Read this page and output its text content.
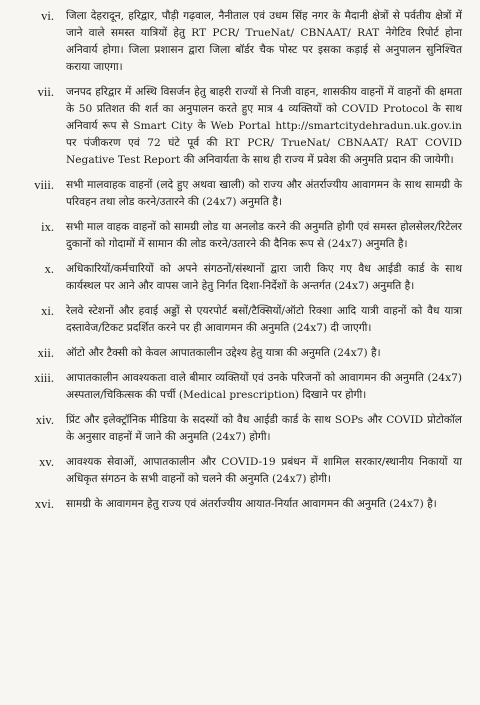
vi.	जिला देहरादून, हरिद्वार, पौड़ी गढ़वाल, नैनीताल एवं उधम सिंह नगर के मैदानी क्षेत्रों से पर्वतीय क्षेत्रों में जाने वाले समस्त यात्रियों हेतु RT PCR/ TrueNat/ CBNAAT/ RAT नेगेटिव रिपोर्ट होना अनिवार्य होगा। जिला प्रशासन द्वारा जिला बॉर्डर चैक पोस्ट पर इसका कड़ाई से अनुपालन सुनिश्चित कराया जाएगा।
vii.	जनपद हरिद्वार में अस्थि विसर्जन हेतु बाहरी राज्यों से निजी वाहन, शासकीय वाहनों में वाहनों की क्षमता के 50 प्रतिशत की शर्त का अनुपालन करते हुए मात्र 4 व्यक्तियों को COVID Protocol के साथ अनिवार्य रूप से Smart City के Web Portal http://smartcitydehradun.uk.gov.in पर पंजीकरण एवं 72 घंटे पूर्व की RT PCR/ TrueNat/ CBNAAT/ RAT COVID Negative Test Report की अनिवार्यता के साथ ही राज्य में प्रवेश की अनुमति प्रदान की जायेगी।
viii.	सभी मालवाहक वाहनों (लदे हुए अथवा खाली) को राज्य और अंतर्राज्यीय आवागमन के साथ सामग्री के परिवहन तथा लोड करने/उतारने की (24x7) अनुमति है।
ix.	सभी माल वाहक वाहनों को सामग्री लोड या अनलोड करने की अनुमति होगी एवं समस्त होलसेलर/रिटेलर दुकानों को गोदामों में सामान की लोड करने/उतारने की दैनिक रूप से (24x7) अनुमति है।
x.	अधिकारियों/कर्मचारियों को अपने संगठनों/संस्थानों द्वारा जारी किए गए वैध आईडी कार्ड के साथ कार्यस्थल पर आने और वापस जाने हेतु निर्गत दिशा-निर्देशों के अन्तर्गत (24x7) अनुमति है।
xi.	रेलवे स्टेशनों और हवाई अड्डों से एयरपोर्ट बसों/टैक्सियों/ऑटो रिक्शा आदि यात्री वाहनों को वैध यात्रा दस्तावेज/टिकट प्रदर्शित करने पर ही आवागमन की अनुमति (24x7) दी जाएगी।
xii.	ऑटो और टैक्सी को केवल आपातकालीन उद्देश्य हेतु यात्रा की अनुमति (24x7) है।
xiii.	आपातकालीन आवश्यकता वाले बीमार व्यक्तियों एवं उनके परिजनों को आवागमन की अनुमति (24x7) अस्पताल/चिकित्सक की पर्ची (Medical prescription) दिखाने पर होगी।
xiv.	प्रिंट और इलेक्ट्रॉनिक मीडिया के सदस्यों को वैध आईडी कार्ड के साथ SOPs और COVID प्रोटोकॉल के अनुसार वाहनों में जाने की अनुमति (24x7) होगी।
xv.	आवश्यक सेवाओं, आपातकालीन और COVID-19 प्रबंधन में शामिल सरकार/स्थानीय निकायों या अधिकृत संगठन के सभी वाहनों को चलने की अनुमति (24x7) होगी।
xvi.	सामग्री के आवागमन हेतु राज्य एवं अंतर्राज्यीय आयात-निर्यात आवागमन की अनुमति (24x7) है।
